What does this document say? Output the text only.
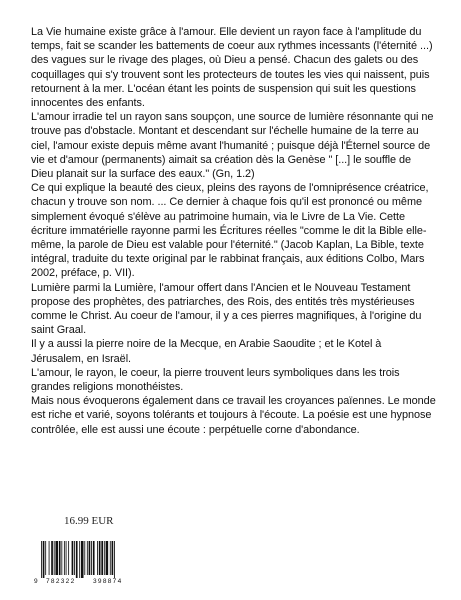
La Vie humaine existe grâce à l'amour. Elle devient un rayon face à l'amplitude du temps, fait se scander les battements de coeur aux rythmes incessants (l'éternité ...) des vagues sur le rivage des plages, où Dieu a pensé. Chacun des galets ou des coquillages qui s'y trouvent sont les protecteurs de toutes les vies qui naissent, puis retournent à la mer. L'océan étant les points de suspension qui suit les questions innocentes des enfants.

L'amour irradie tel un rayon sans soupçon, une source de lumière résonnante qui ne trouve pas d'obstacle. Montant et descendant sur l'échelle humaine de la terre au ciel, l'amour existe depuis même avant l'humanité ; puisque déjà l'Éternel source de vie et d'amour (permanents) aimait sa création dès la Genèse " [...] le souffle de Dieu planait sur la surface des eaux." (Gn, 1.2)

Ce qui explique la beauté des cieux, pleins des rayons de l'omniprésence créatrice, chacun y trouve son nom. ... Ce dernier à chaque fois qu'il est prononcé ou même simplement évoqué s'élève au patrimoine humain, via le Livre de La Vie. Cette écriture immatérielle rayonne parmi les Écritures réelles "comme le dit la Bible elle-même, la parole de Dieu est valable pour l'éternité." (Jacob Kaplan, La Bible, texte intégral, traduite du texte original par le rabbinat français, aux éditions Colbo, Mars 2002, préface, p. VII).

Lumière parmi la Lumière, l'amour offert dans l'Ancien et le Nouveau Testament propose des prophètes, des patriarches, des Rois, des entités très mystérieuses comme le Christ. Au coeur de l'amour, il y a ces pierres magnifiques, à l'origine du saint Graal.

Il y a aussi la pierre noire de la Mecque, en Arabie Saoudite ; et le Kotel à Jérusalem, en Israël.

L'amour, le rayon, le coeur, la pierre trouvent leurs symboliques dans les trois grandes religions monothéistes.

Mais nous évoquerons également dans ce travail les croyances païennes. Le monde est riche et varié, soyons tolérants et toujours à l'écoute. La poésie est une hypnose contrôlée, elle est aussi une écoute : perpétuelle corne d'abondance.

16.99 EUR
9 782322	398874
